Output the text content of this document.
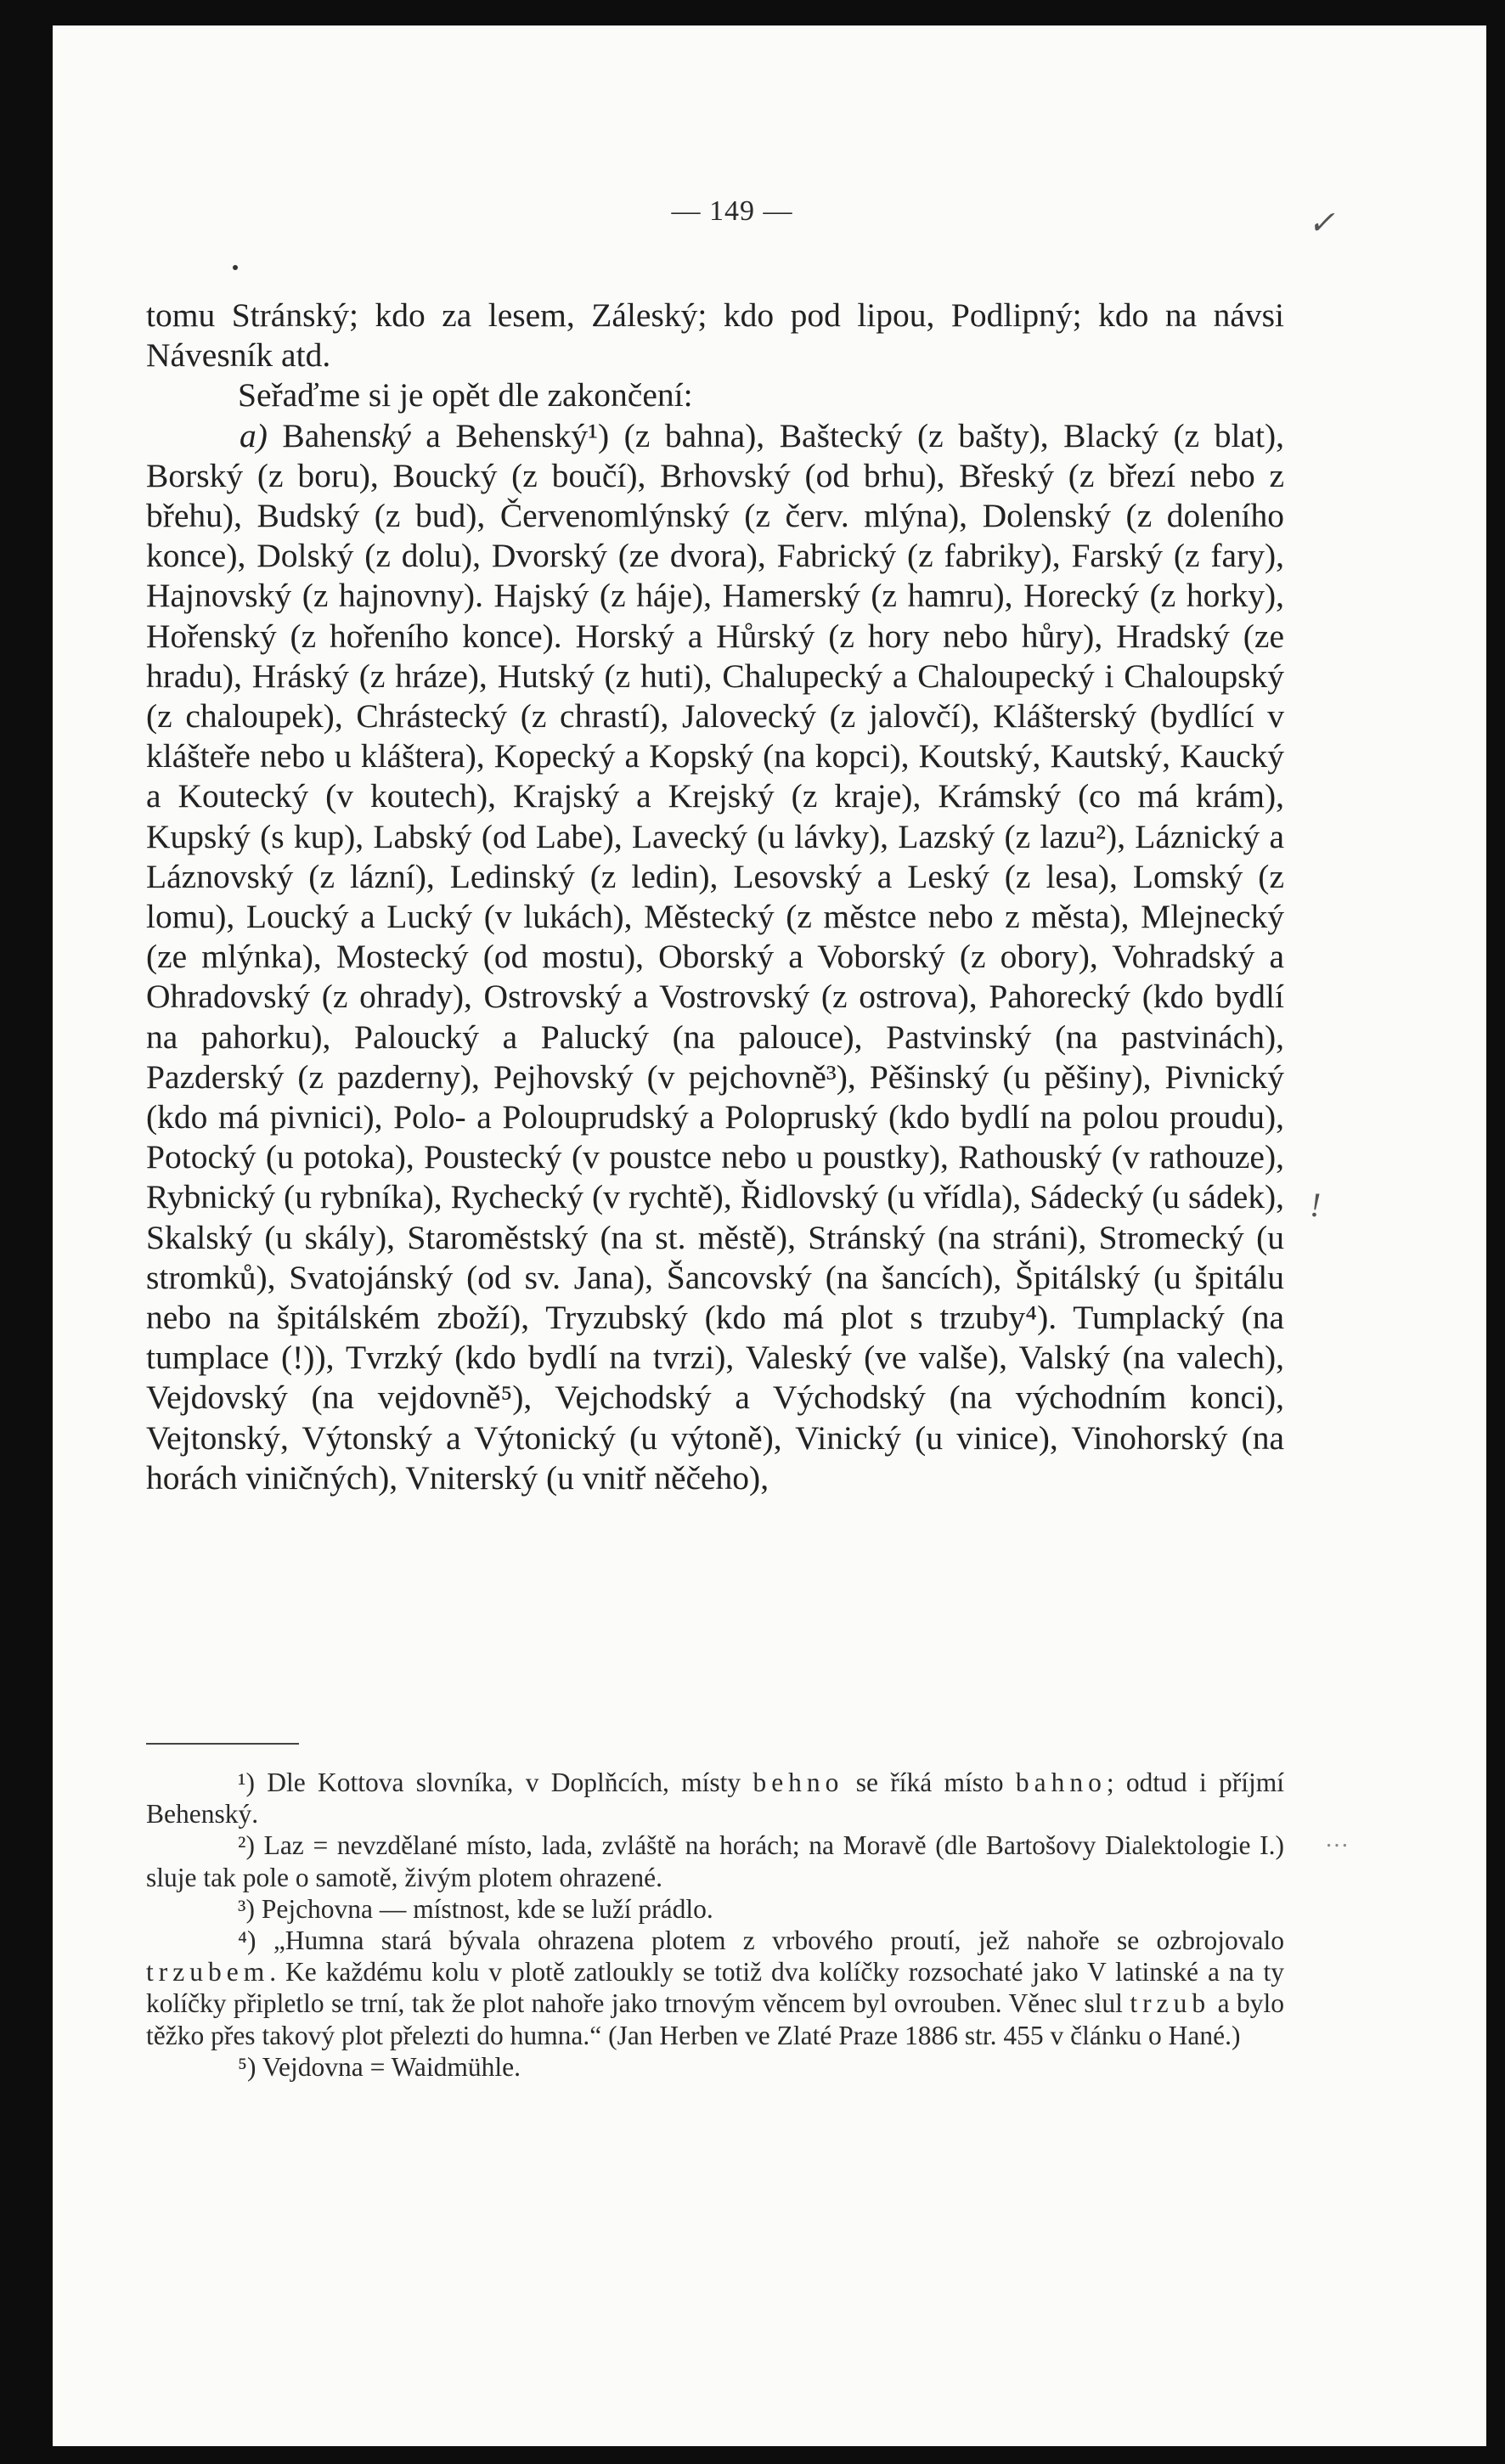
— 149 —	✓

tomu Stránský; kdo za lesem, Záleský; kdo pod lipou, Podlipný; kdo na návsi Návesník atd.

Seřaďme si je opět dle zakončení:

a) Bahenský a Behenský¹) (z bahna), Baštecký (z bašty), Blacký (z blat), Borský (z boru), Boucký (z boučí), Brhovský (od brhu), Břeský (z březí nebo z břehu), Budský (z bud), Červenomlýnský (z červ. mlýna), Dolenský (z doleního konce), Dolský (z dolu), Dvorský (ze dvora), Fabrický (z fabriky), Farský (z fary), Hajnovský (z hajnovny). Hajský (z háje), Hamerský (z hamru), Horecký (z horky), Hořenský (z hořeního konce). Horský a Hůrský (z hory nebo hůry), Hradský (ze hradu), Hráský (z hráze), Hutský (z huti), Chalupecký a Chaloupecký i Chaloupský (z chaloupek), Chrástecký (z chrastí), Jalovecký (z jalovčí), Klášterský (bydlící v klášteře nebo u kláštera), Kopecký a Kopský (na kopci), Koutský, Kautský, Kaucký a Koutecký (v koutech), Krajský a Krejský (z kraje), Krámský (co má krám), Kupský (s kup), Labský (od Labe), Lavecký (u lávky), Lazský (z lazu²), Láznický a Láznovský (z lázní), Ledinský (z ledin), Lesovský a Leský (z lesa), Lomský (z lomu), Loucký a Lucký (v lukách), Městecký (z městce nebo z města), Mlejnecký (ze mlýnka), Mostecký (od mostu), Oborský a Voborský (z obory), Vohradský a Ohradovský (z ohrady), Ostrovský a Vostrovský (z ostrova), Pahorecký (kdo bydlí na pahorku), Paloucký a Palucký (na palouce), Pastvinský (na pastvinách), Pazderský (z pazderny), Pejhovský (v pejchovně³), Pěšinský (u pěšiny), Pivnický (kdo má pivnici), Polo- a Polouprudský a Polopruský (kdo bydlí na polou proudu), Potocký (u potoka), Poustecký (v poustce nebo u poustky), Rathouský (v rathouze), Rybnický (u rybníka), Rychecký (v rychtě), Řidlovský (u vřídla), Sádecký (u sádek), Skalský (u skály), Staroměstský (na st. městě), Stránský (na stráni), Stromecký (u stromků), Svatojánský (od sv. Jana), Šancovský (na šancích), Špitálský (u špitálu nebo na špitálském zboží), Tryzubský (kdo má plot s trzuby⁴). Tumplacký (na tumplace (!)), Tvrzký (kdo bydlí na tvrzi), Valeský (ve valše), Valský (na valech), Vejdovský (na vejdovně⁵), Vejchodský a Východský (na východním konci), Vejtonský, Výtonský a Výtonický (u výtoně), Vinický (u vinice), Vinohorský (na horách viničných), Vniterský (u vnitř něčeho),

!
…

¹) Dle Kottova slovníka, v Doplňcích, místy behno se říká místo bahno; odtud i příjmí Behenský.

²) Laz = nevzdělané místo, lada, zvláště na horách; na Moravě (dle Bartošovy Dialektologie I.) slujе tak pole o samotě, živým plotem ohrazené.

³) Pejchovna — místnost, kde se luží prádlo.

⁴) „Humna stará bývala ohrazena plotem z vrbového proutí, jež nahoře se ozbrojovalo trzubem. Ke každému kolu v plotě zatloukly se totiž dva kolíčky rozsochaté jako V latinské a na ty kolíčky připletlo se trní, tak že plot nahoře jako trnovým věncem byl ovroubеn. Věnec slul trzub a bylo těžko přes takový plot přelezti do humna.“ (Jan Herben ve Zlaté Praze 1886 str. 455 v článku o Hané.)

⁵) Vejdovna = Waidmühle.
